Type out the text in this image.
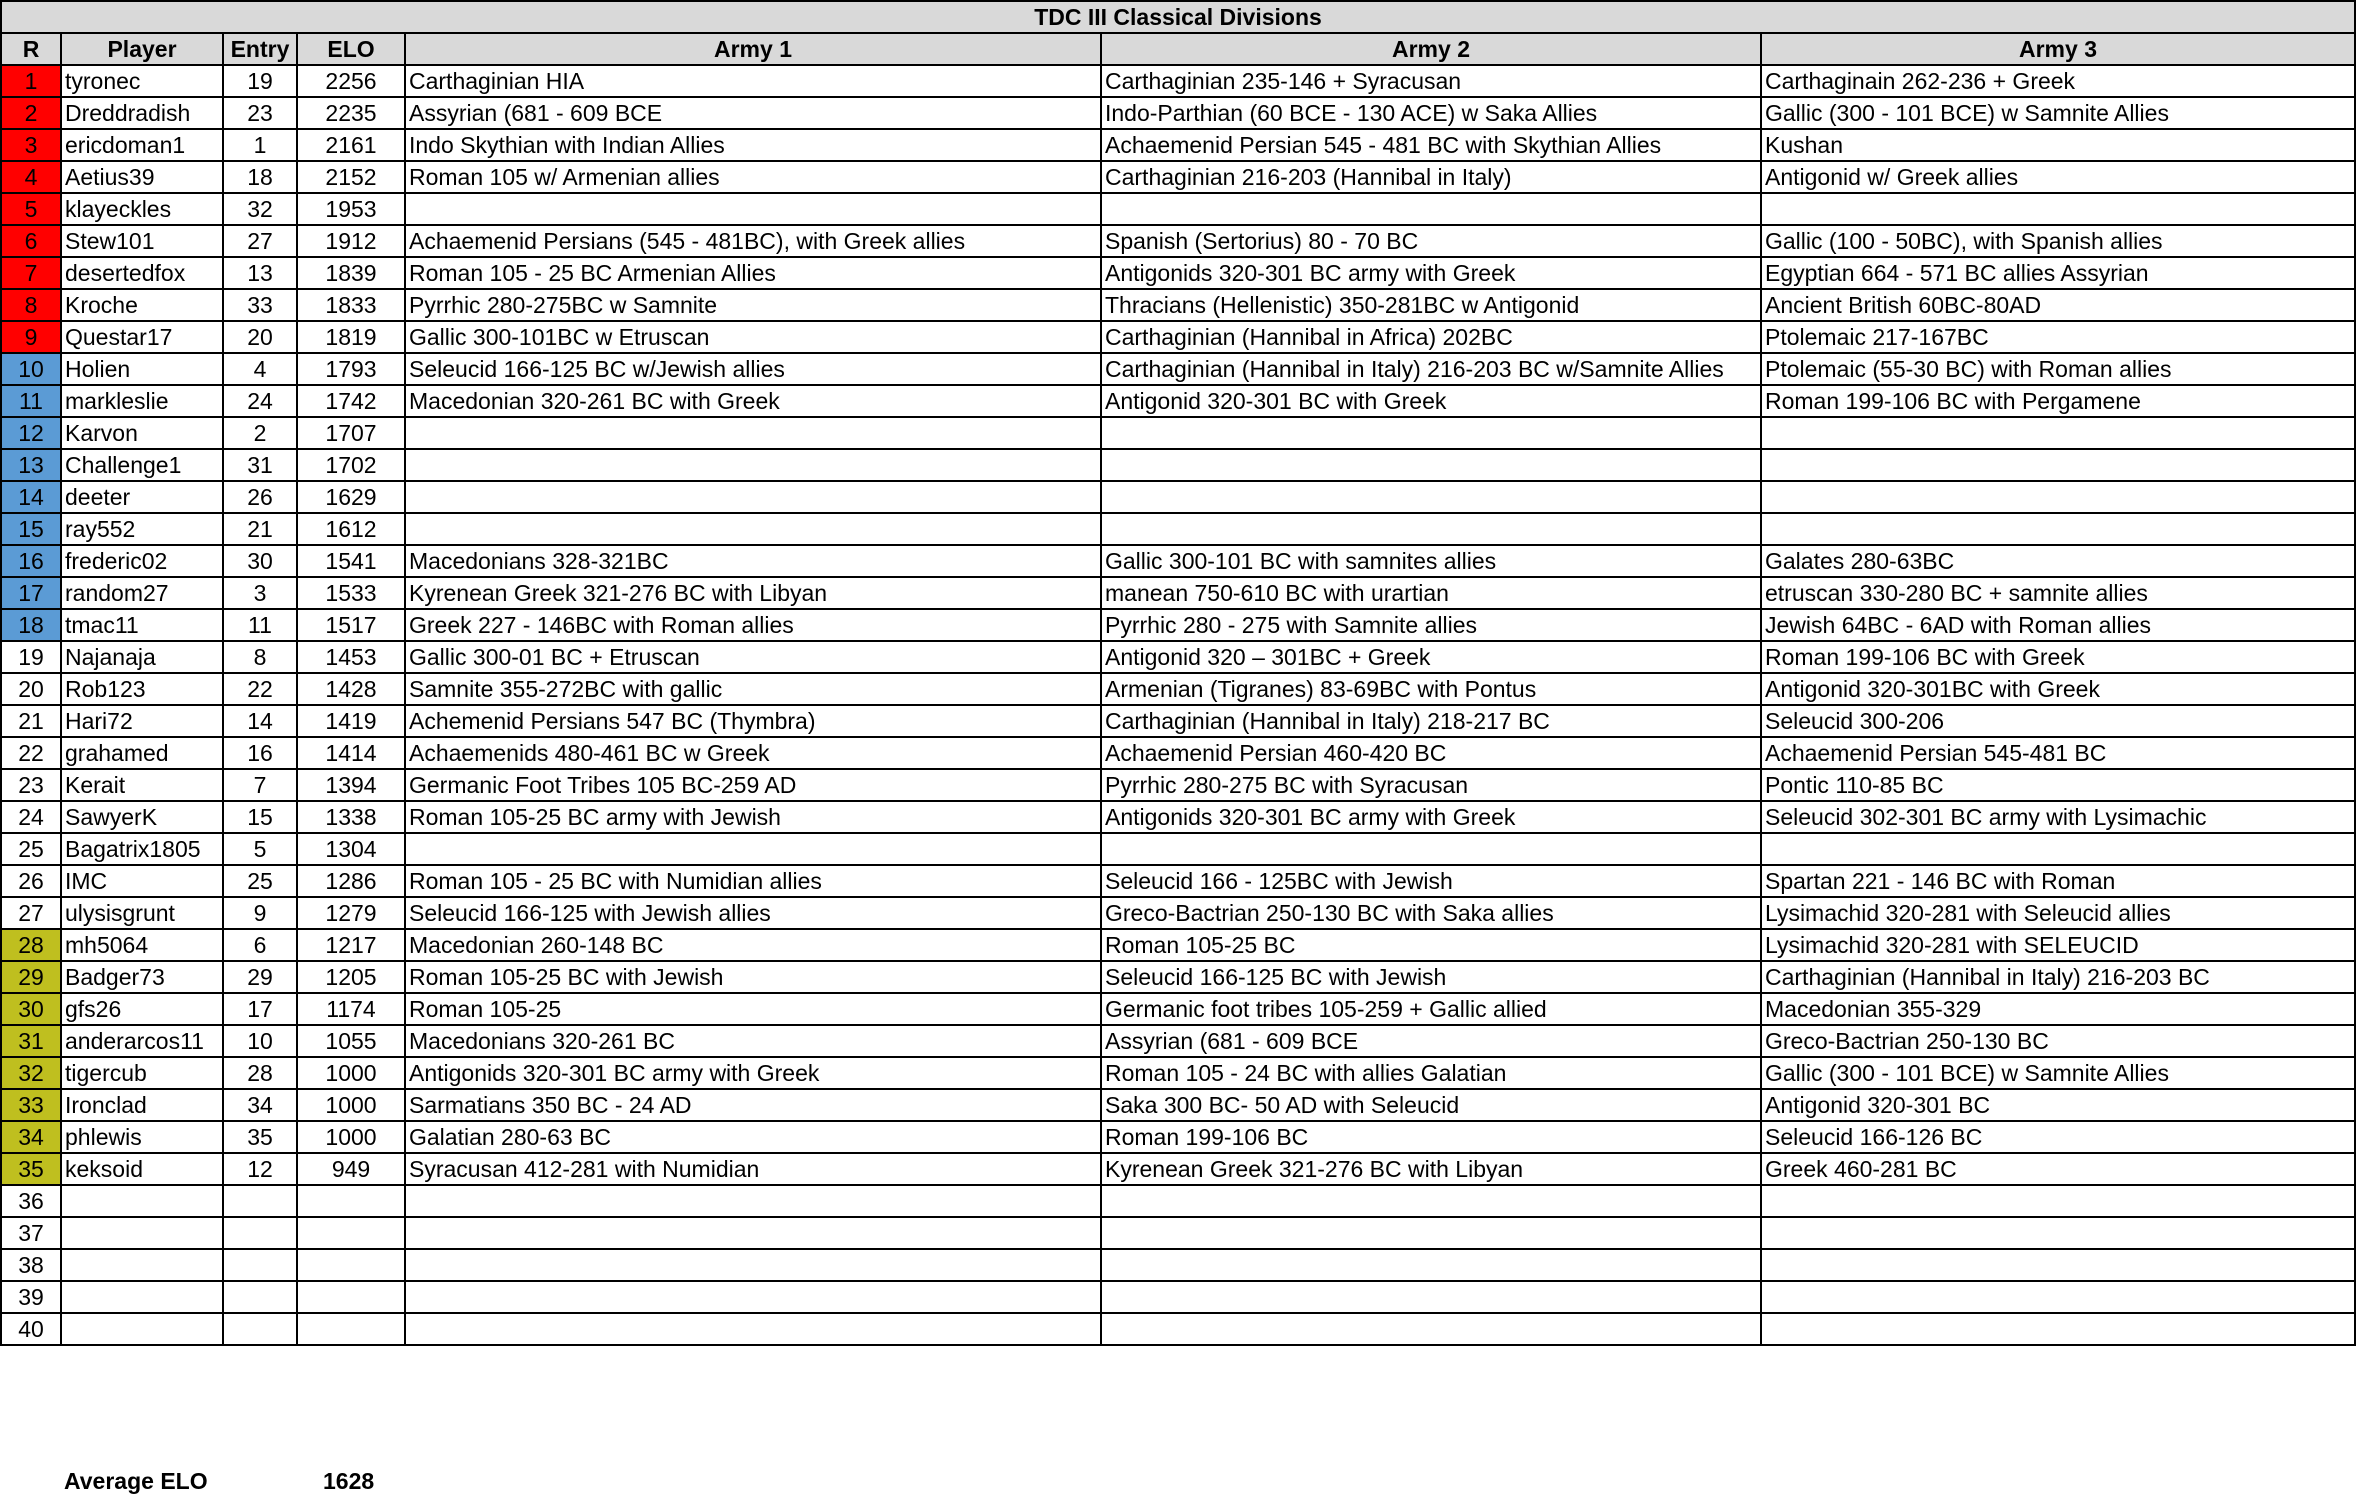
TDC III Classical Divisions						
R	Player	Entry	ELO	Army 1	Army 2	Army 3
1	tyronec	19	2256	Carthaginian HIA	Carthaginian 235-146 + Syracusan	Carthaginain 262-236 + Greek
2	Dreddradish	23	2235	Assyrian (681 - 609 BCE	Indo-Parthian (60 BCE - 130 ACE) w Saka Allies	Gallic (300 - 101 BCE) w Samnite Allies
3	ericdoman1	1	2161	Indo Skythian with Indian Allies	Achaemenid Persian 545 - 481 BC with Skythian Allies	Kushan
4	Aetius39	18	2152	Roman 105 w/ Armenian allies	Carthaginian 216-203 (Hannibal in Italy)	Antigonid w/ Greek allies
5	klayeckles	32	1953			
6	Stew101	27	1912	Achaemenid Persians (545 - 481BC), with Greek allies	Spanish (Sertorius) 80 - 70 BC	Gallic (100 - 50BC), with Spanish allies
7	desertedfox	13	1839	Roman 105 - 25 BC Armenian Allies	Antigonids 320-301 BC army with Greek	Egyptian 664 - 571 BC allies Assyrian
8	Kroche	33	1833	Pyrrhic 280-275BC w Samnite	Thracians (Hellenistic) 350-281BC w Antigonid	Ancient British 60BC-80AD
9	Questar17	20	1819	Gallic 300-101BC w Etruscan	Carthaginian (Hannibal in Africa) 202BC	Ptolemaic 217-167BC
10	Holien	4	1793	Seleucid 166-125 BC w/Jewish allies	Carthaginian (Hannibal in Italy) 216-203 BC w/Samnite Allies	Ptolemaic (55-30 BC) with Roman allies
11	markleslie	24	1742	Macedonian 320-261 BC with Greek	Antigonid 320-301 BC with Greek	Roman 199-106 BC with Pergamene
12	Karvon	2	1707			
13	Challenge1	31	1702			
14	deeter	26	1629			
15	ray552	21	1612			
16	frederic02	30	1541	Macedonians 328-321BC	Gallic 300-101 BC with samnites allies	Galates 280-63BC
17	random27	3	1533	Kyrenean Greek 321-276 BC with Libyan	manean 750-610 BC with urartian	etruscan 330-280 BC + samnite allies
18	tmac11	11	1517	Greek 227 - 146BC with Roman allies	Pyrrhic 280 - 275 with Samnite allies	Jewish 64BC - 6AD with Roman allies
19	Najanaja	8	1453	Gallic 300-01 BC + Etruscan	Antigonid 320 – 301BC + Greek	Roman 199-106 BC with Greek
20	Rob123	22	1428	Samnite 355-272BC with gallic	Armenian (Tigranes) 83-69BC with Pontus	Antigonid 320-301BC with Greek
21	Hari72	14	1419	Achemenid Persians 547 BC (Thymbra)	Carthaginian (Hannibal in Italy) 218-217 BC	Seleucid 300-206
22	grahamed	16	1414	Achaemenids 480-461 BC w Greek	Achaemenid Persian 460-420 BC	Achaemenid Persian 545-481 BC
23	Kerait	7	1394	Germanic Foot Tribes 105 BC-259 AD	Pyrrhic 280-275 BC with Syracusan	Pontic 110-85 BC
24	SawyerK	15	1338	Roman 105-25 BC army with Jewish	Antigonids 320-301 BC army with Greek	Seleucid 302-301 BC army with Lysimachic
25	Bagatrix1805	5	1304			
26	IMC	25	1286	Roman 105 - 25 BC with Numidian allies	Seleucid 166 - 125BC with Jewish	Spartan 221 - 146 BC with Roman
27	ulysisgrunt	9	1279	Seleucid 166-125 with Jewish allies	Greco-Bactrian 250-130 BC with Saka allies	Lysimachid 320-281 with Seleucid allies
28	mh5064	6	1217	Macedonian 260-148 BC	Roman 105-25 BC	Lysimachid 320-281 with SELEUCID
29	Badger73	29	1205	Roman 105-25 BC with Jewish	Seleucid 166-125 BC with Jewish	Carthaginian (Hannibal in Italy) 216-203 BC
30	gfs26	17	1174	Roman 105-25	Germanic foot tribes 105-259 + Gallic allied	Macedonian 355-329
31	anderarcos11	10	1055	Macedonians 320-261 BC	Assyrian (681 - 609 BCE	Greco-Bactrian 250-130 BC
32	tigercub	28	1000	Antigonids 320-301 BC army with Greek	Roman 105 - 24 BC with allies Galatian	Gallic (300 - 101 BCE) w Samnite Allies
33	Ironclad	34	1000	Sarmatians 350 BC - 24 AD	Saka 300 BC- 50 AD with Seleucid	Antigonid 320-301 BC
34	phlewis	35	1000	Galatian 280-63 BC	Roman 199-106 BC	Seleucid 166-126 BC
35	keksoid	12	949	Syracusan 412-281 with Numidian	Kyrenean Greek 321-276 BC with Libyan	Greek 460-281 BC
36						
37						
38						
39						
40						
Average ELO	1628
